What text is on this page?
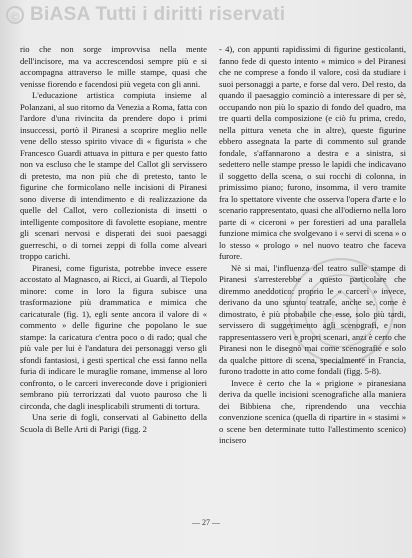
© BiASA Tutti i diritti riservati

rio che non sorge improvvisa nella mente dell'incisore, ma va accrescendosi sempre più e si accompagna attraverso le mille stampe, quasi che venisse fiorendo e facendosi più vegeta con gli anni.

L'educazione artistica compiuta insieme al Polanzani, al suo ritorno da Venezia a Roma, fatta con l'ardore d'una rivincita da prendere dopo i primi insuccessi, portò il Piranesi a scoprire meglio nelle vene dello stesso spirito vivace di « figurista » che Francesco Guardi attuava in pittura e per questo fatto non va escluso che le stampe del Callot gli servissero di pretesto, ma non più che di pretesto, tanto le figurine che formicolano nelle incisioni di Piranesi sono diverse di intendimento e di realizzazione da quelle del Callot, vero collezionista di insetti o intelligente compositore di favolette esopiane, mentre gli scenari nervosi e disperati dei suoi paesaggi guerreschi, o di tornei zeppi di folla come alveari troppo carichi.

Piranesi, come figurista, potrebbe invece essere accostato al Magnasco, ai Ricci, ai Guardi, al Tiepolo minore: come in loro la figura subisce una trasformazione più drammatica e mimica che caricaturale (fig. 1), egli sente ancora il valore di « commento » delle figurine che popolano le sue stampe: la caricatura c'entra poco o di rado; qual che più vale per lui è l'andatura dei personaggi verso gli sfondi fantasiosi, i gesti spertical che essi fanno nella furia di indicare le muraglie romane, immense al loro confronto, o le carceri invereconde dove i prigionieri sembrano più terrorizzati dal vuoto pauroso che li circonda, che dagli inesplicabili strumenti di tortura.

Una serie di fogli, conservati al Gabinetto della Scuola di Belle Arti di Parigi (figg. 2

- 4), con appunti rapidissimi di figurine gesticolanti, fanno fede di questo intento « mimico » del Piranesi che ne comprese a fondo il valore, così da studiare i suoi personaggi a parte, e forse dal vero. Del resto, da quando il paesaggio cominciò a interessare di per sè, occupando non più lo spazio di fondo del quadro, ma tre quarti della composizione (e ciò fu prima, credo, nella pittura veneta che in altre), queste figurine ebbero assegnata la parte di commento sul grande fondale, s'affannarono a destra e a sinistra, si sedettero nelle stampe presso le lapidi che indicavano il soggetto della scena, o sui rocchi di colonna, in primissimo piano; furono, insomma, il vero tramite fra lo spettatore vivente che osserva l'opera d'arte e lo scenario rappresentato, quasi che all'odierno nella loro parte di « ciceroni » per forestieri ad una parallela funzione mimica che svolgevano i « servi di scena » o lo stesso « prologo » nel nuovo teatro che faceva furore.

Nè si mai, l'influenza del teatro sulle stampe di Piranesi s'arresterebbe a questo particolare che diremmo aneddotico: proprio le « carceri » invece, derivano da uno spunto teatrale, anche se, come è dimostrato, è più probabile che esse, solo più tardi, servissero di suggerimento agli scenografi, e non rappresentassero veri e propri scenari, anzi è certo che Piranesi non le disegnò mai come scenografie e solo da qualche pittore di scena, specialmente in Francia, furono tradotte in atto come fondali (figg. 5-8).

Invece è certo che la « prigione » piranesiana deriva da quelle incisioni scenografiche alla maniera dei Bibbiena che, riprendendo una vecchia convenzione scenica (quella di ripartire in « stasimi » o scene ben determinate tutto l'allestimento scenico) incisero

— 27 —
